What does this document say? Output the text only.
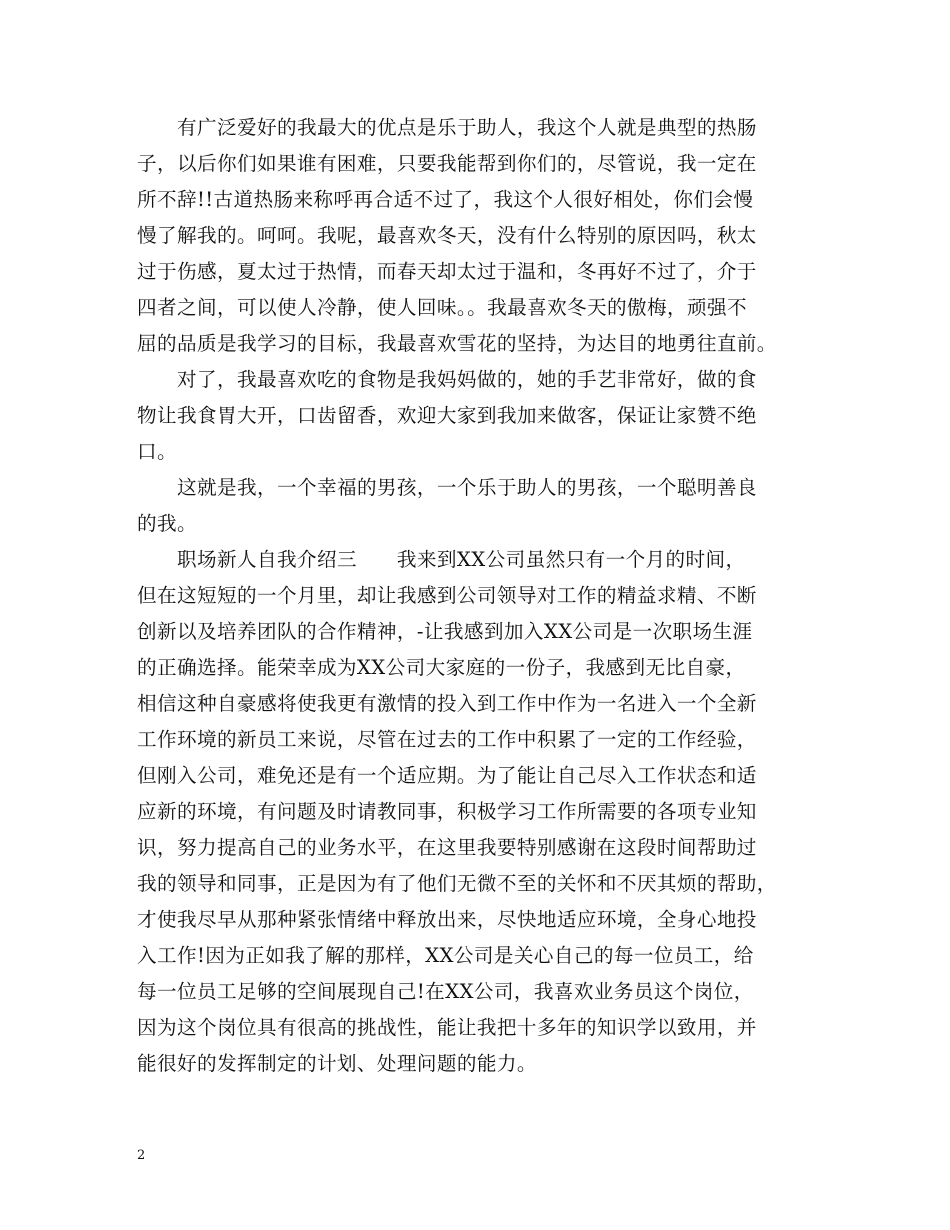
有广泛爱好的我最大的优点是乐于助人，我这个人就是典型的热肠
子，以后你们如果谁有困难，只要我能帮到你们的，尽管说，我一定在
所不辞!!古道热肠来称呼再合适不过了，我这个人很好相处，你们会慢
慢了解我的。呵呵。我呢，最喜欢冬天，没有什么特别的原因吗，秋太
过于伤感，夏太过于热情，而春天却太过于温和，冬再好不过了，介于
四者之间，可以使人冷静，使人回味。。我最喜欢冬天的傲梅，顽强不
屈的品质是我学习的目标，我最喜欢雪花的坚持，为达目的地勇往直前。
对了，我最喜欢吃的食物是我妈妈做的，她的手艺非常好，做的食
物让我食胃大开，口齿留香，欢迎大家到我加来做客，保证让家赞不绝
口。
这就是我，一个幸福的男孩，一个乐于助人的男孩，一个聪明善良
的我。
职场新人自我介绍三　　我来到XX公司虽然只有一个月的时间，
但在这短短的一个月里，却让我感到公司领导对工作的精益求精、不断
创新以及培养团队的合作精神，-让我感到加入XX公司是一次职场生涯
的正确选择。能荣幸成为XX公司大家庭的一份子，我感到无比自豪，
相信这种自豪感将使我更有激情的投入到工作中作为一名进入一个全新
工作环境的新员工来说，尽管在过去的工作中积累了一定的工作经验，
但刚入公司，难免还是有一个适应期。为了能让自己尽入工作状态和适
应新的环境，有问题及时请教同事，积极学习工作所需要的各项专业知
识，努力提高自己的业务水平，在这里我要特别感谢在这段时间帮助过
我的领导和同事，正是因为有了他们无微不至的关怀和不厌其烦的帮助，
才使我尽早从那种紧张情绪中释放出来，尽快地适应环境，全身心地投
入工作!因为正如我了解的那样，XX公司是关心自己的每一位员工，给
每一位员工足够的空间展现自己!在XX公司，我喜欢业务员这个岗位，
因为这个岗位具有很高的挑战性，能让我把十多年的知识学以致用，并
能很好的发挥制定的计划、处理问题的能力。
2
